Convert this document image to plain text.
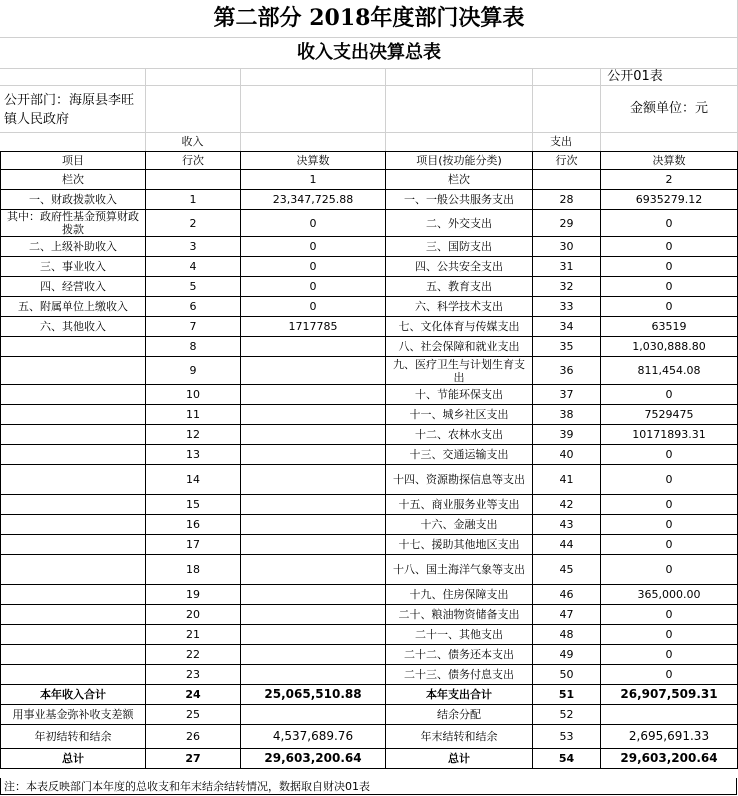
第二部分 2018年度部门决算表
收入支出决算总表
公开01表
公开部门：海原县李旺镇人民政府
金额单位：元
收入	支出
项目	行次	决算数	项目(按功能分类)	行次	决算数
栏次		1	栏次		2
一、财政拨款收入	1	23,347,725.88	一、一般公共服务支出	28	6935279.12
其中：政府性基金预算财政拨款	2	0	二、外交支出	29	0
二、上级补助收入	3	0	三、国防支出	30	0
三、事业收入	4	0	四、公共安全支出	31	0
四、经营收入	5	0	五、教育支出	32	0
五、附属单位上缴收入	6	0	六、科学技术支出	33	0
六、其他收入	7	1717785	七、文化体育与传媒支出	34	63519
	8		八、社会保障和就业支出	35	1,030,888.80
	9		九、医疗卫生与计划生育支出	36	811,454.08
	10		十、节能环保支出	37	0
	11		十一、城乡社区支出	38	7529475
	12		十二、农林水支出	39	10171893.31
	13		十三、交通运输支出	40	0
	14		十四、资源勘探信息等支出	41	0
	15		十五、商业服务业等支出	42	0
	16		十六、金融支出	43	0
	17		十七、援助其他地区支出	44	0
	18		十八、国土海洋气象等支出	45	0
	19		十九、住房保障支出	46	365,000.00
	20		二十、粮油物资储备支出	47	0
	21		二十一、其他支出	48	0
	22		二十二、债务还本支出	49	0
	23		二十三、债务付息支出	50	0
本年收入合计	24	25,065,510.88	本年支出合计	51	26,907,509.31
用事业基金弥补收支差额	25		结余分配	52	
年初结转和结余	26	4,537,689.76	年末结转和结余	53	2,695,691.33
总计	27	29,603,200.64	总计	54	29,603,200.64
注：本表反映部门本年度的总收支和年末结余结转情况，数据取自财决01表
